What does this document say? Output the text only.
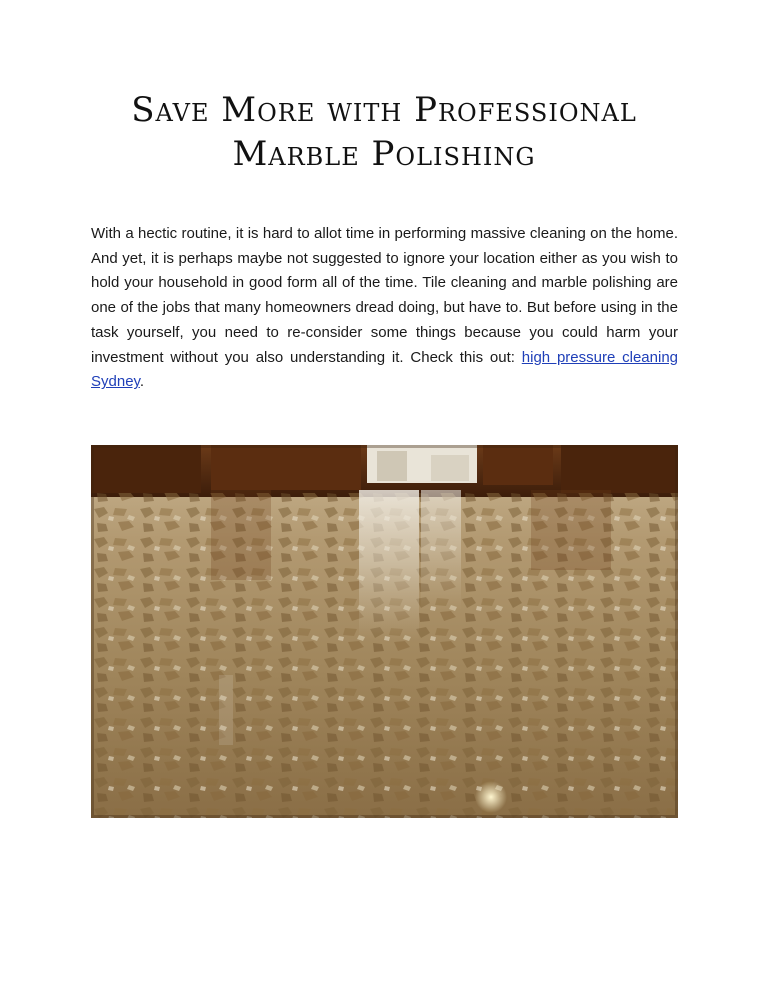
Save More with Professional
Marble Polishing

With a hectic routine, it is hard to allot time in performing massive cleaning on the home. And yet, it is perhaps maybe not suggested to ignore your location either as you wish to hold your household in good form all of the time. Tile cleaning and marble polishing are one of the jobs that many homeowners dread doing, but have to. But before using in the task yourself, you need to re-consider some things because you could harm your investment without you also understanding it. Check this out: high pressure cleaning Sydney.
